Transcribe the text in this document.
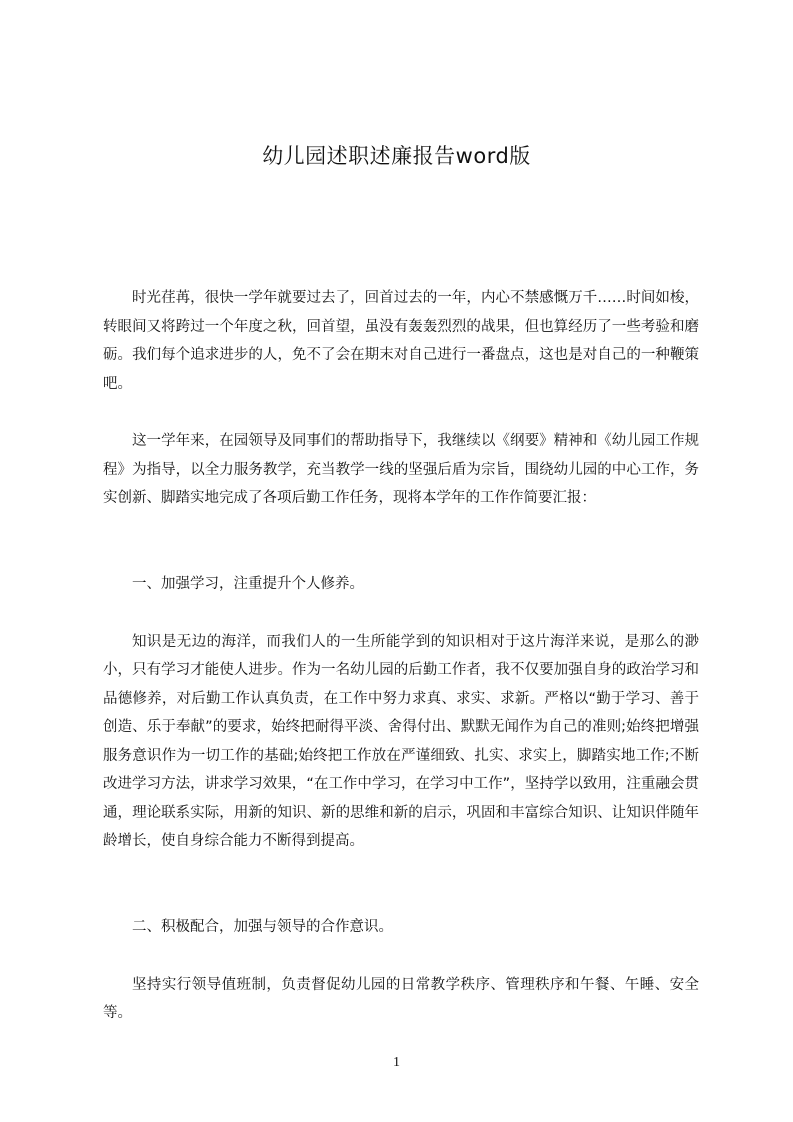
幼儿园述职述廉报告word版

时光荏苒，很快一学年就要过去了，回首过去的一年，内心不禁感慨万千……时间如梭，转眼间又将跨过一个年度之秋，回首望，虽没有轰轰烈烈的战果，但也算经历了一些考验和磨砺。我们每个追求进步的人，免不了会在期末对自己进行一番盘点，这也是对自己的一种鞭策吧。

这一学年来，在园领导及同事们的帮助指导下，我继续以《纲要》精神和《幼儿园工作规程》为指导，以全力服务教学，充当教学一线的坚强后盾为宗旨，围绕幼儿园的中心工作，务实创新、脚踏实地完成了各项后勤工作任务，现将本学年的工作作简要汇报：

一、加强学习，注重提升个人修养。

知识是无边的海洋，而我们人的一生所能学到的知识相对于这片海洋来说，是那么的渺小，只有学习才能使人进步。作为一名幼儿园的后勤工作者，我不仅要加强自身的政治学习和品德修养，对后勤工作认真负责，在工作中努力求真、求实、求新。严格以“勤于学习、善于创造、乐于奉献”的要求，始终把耐得平淡、舍得付出、默默无闻作为自己的准则;始终把增强服务意识作为一切工作的基础;始终把工作放在严谨细致、扎实、求实上，脚踏实地工作;不断改进学习方法，讲求学习效果，“在工作中学习，在学习中工作”，坚持学以致用，注重融会贯通，理论联系实际，用新的知识、新的思维和新的启示，巩固和丰富综合知识、让知识伴随年龄增长，使自身综合能力不断得到提高。

二、积极配合，加强与领导的合作意识。

坚持实行领导值班制，负责督促幼儿园的日常教学秩序、管理秩序和午餐、午睡、安全等。

1
